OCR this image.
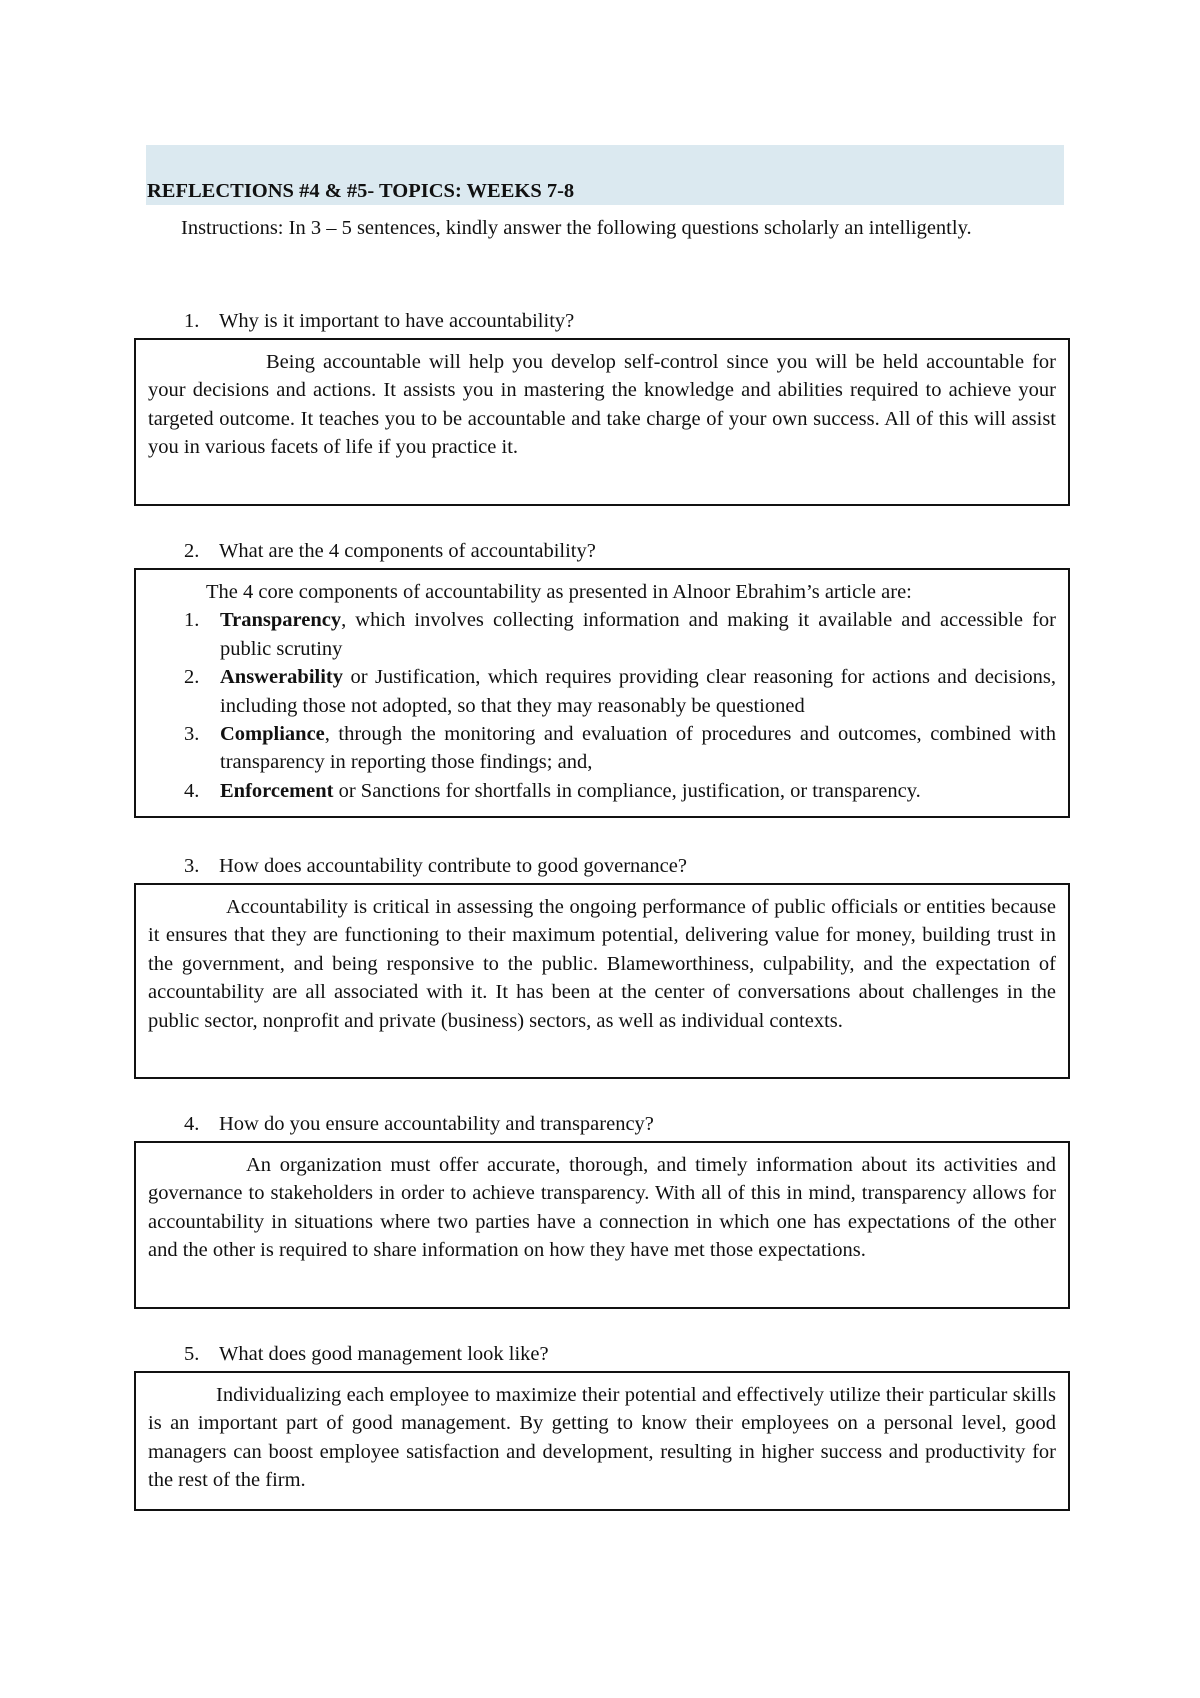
REFLECTIONS #4 & #5- TOPICS: WEEKS 7-8
Instructions: In 3 – 5 sentences, kindly answer the following questions scholarly an intelligently.
1. Why is it important to have accountability?
Being accountable will help you develop self-control since you will be held accountable for your decisions and actions. It assists you in mastering the knowledge and abilities required to achieve your targeted outcome. It teaches you to be accountable and take charge of your own success. All of this will assist you in various facets of life if you practice it.
2. What are the 4 components of accountability?
The 4 core components of accountability as presented in Alnoor Ebrahim’s article are:
1. Transparency, which involves collecting information and making it available and accessible for public scrutiny
2. Answerability or Justification, which requires providing clear reasoning for actions and decisions, including those not adopted, so that they may reasonably be questioned
3. Compliance, through the monitoring and evaluation of procedures and outcomes, combined with transparency in reporting those findings; and,
4. Enforcement or Sanctions for shortfalls in compliance, justification, or transparency.
3. How does accountability contribute to good governance?
Accountability is critical in assessing the ongoing performance of public officials or entities because it ensures that they are functioning to their maximum potential, delivering value for money, building trust in the government, and being responsive to the public. Blameworthiness, culpability, and the expectation of accountability are all associated with it. It has been at the center of conversations about challenges in the public sector, nonprofit and private (business) sectors, as well as individual contexts.
4. How do you ensure accountability and transparency?
An organization must offer accurate, thorough, and timely information about its activities and governance to stakeholders in order to achieve transparency. With all of this in mind, transparency allows for accountability in situations where two parties have a connection in which one has expectations of the other and the other is required to share information on how they have met those expectations.
5. What does good management look like?
Individualizing each employee to maximize their potential and effectively utilize their particular skills is an important part of good management. By getting to know their employees on a personal level, good managers can boost employee satisfaction and development, resulting in higher success and productivity for the rest of the firm.
